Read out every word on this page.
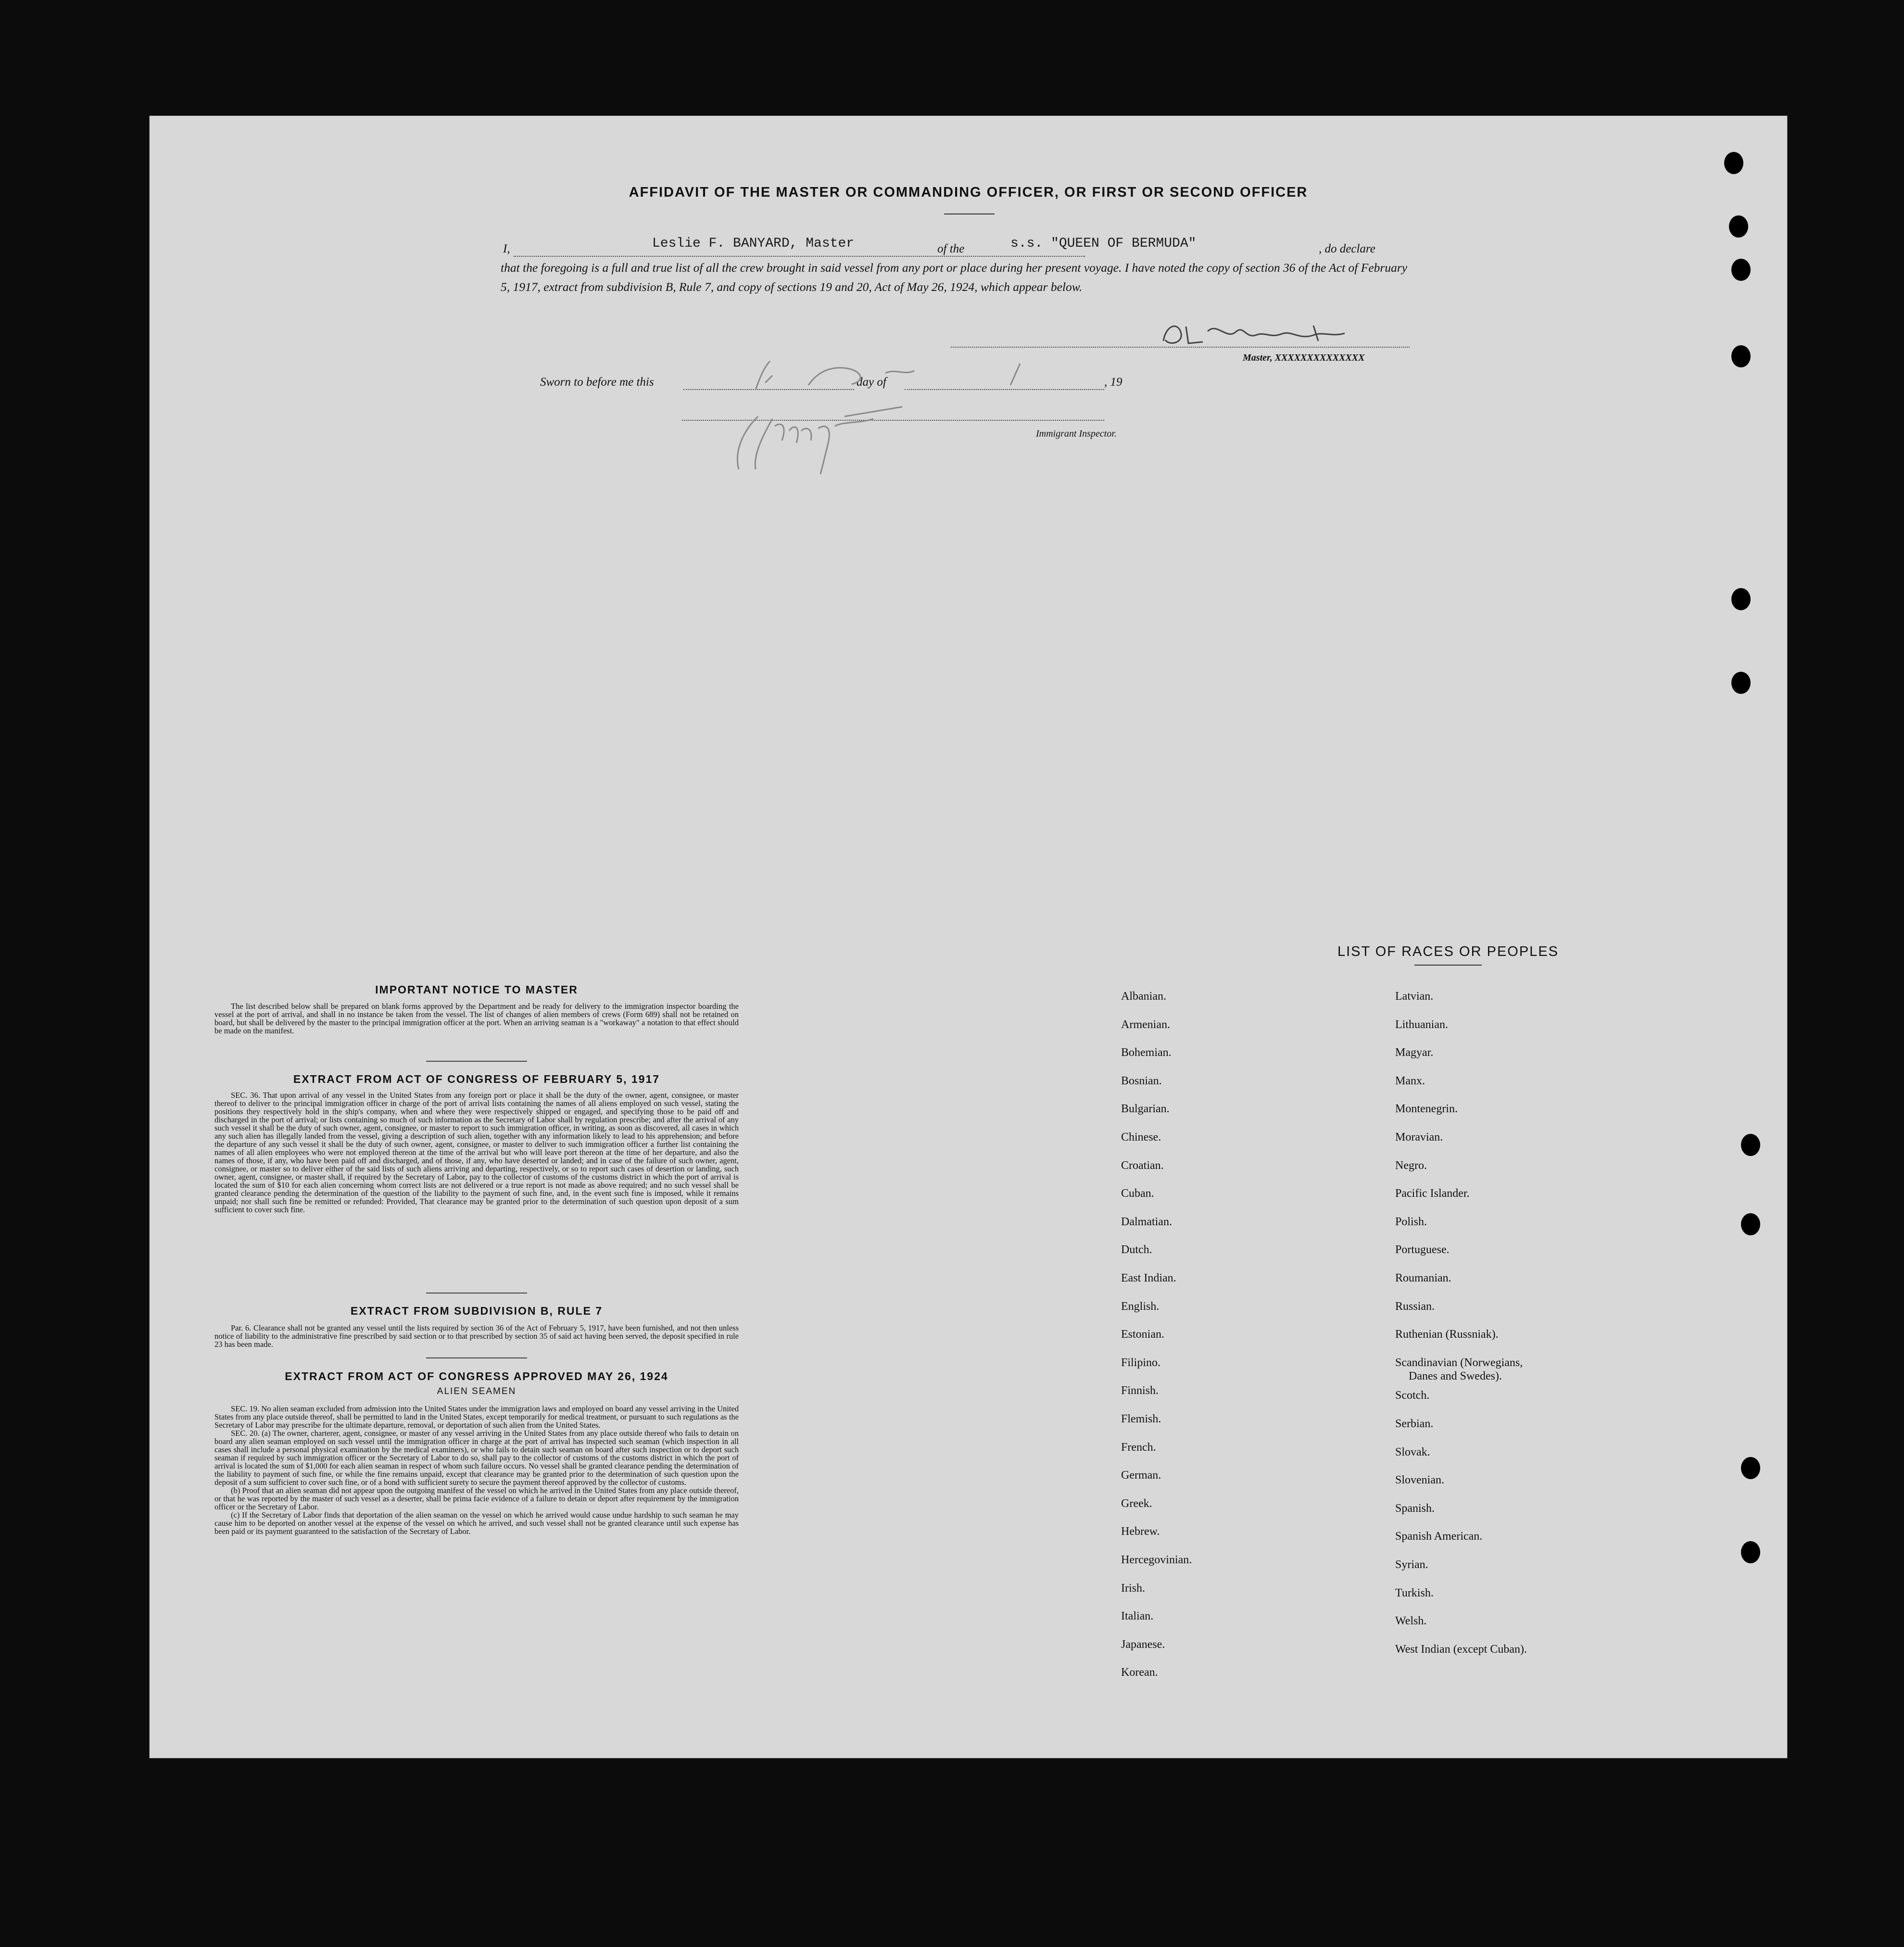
AFFIDAVIT OF THE MASTER OR COMMANDING OFFICER, OR FIRST OR SECOND OFFICER
I,	Leslie F. BANYARD, Master	of the	s.s. "QUEEN OF BERMUDA"	, do declare
that the foregoing is a full and true list of all the crew brought in said vessel from any port or place during her present voyage. I have noted the copy of section 36 of the Act of February 5, 1917, extract from subdivision B, Rule 7, and copy of sections 19 and 20, Act of May 26, 1924, which appear below.
Master, XXXXXXXXXXXXXX
Sworn to before me this	day of	, 19
Immigrant Inspector.
IMPORTANT NOTICE TO MASTER

The list described below shall be prepared on blank forms approved by the Department and be ready for delivery to the immigration inspector boarding the vessel at the port of arrival, and shall in no instance be taken from the vessel. The list of changes of alien members of crews (Form 689) shall not be retained on board, but shall be delivered by the master to the principal immigration officer at the port. When an arriving seaman is a "workaway" a notation to that effect should be made on the manifest.

EXTRACT FROM ACT OF CONGRESS OF FEBRUARY 5, 1917

SEC. 36. That upon arrival of any vessel in the United States from any foreign port or place it shall be the duty of the owner, agent, consignee, or master thereof to deliver to the principal immigration officer in charge of the port of arrival lists containing the names of all aliens employed on such vessel, stating the positions they respectively hold in the ship's company, when and where they were respectively shipped or engaged, and specifying those to be paid off and discharged in the port of arrival; or lists containing so much of such information as the Secretary of Labor shall by regulation prescribe; and after the arrival of any such vessel it shall be the duty of such owner, agent, consignee, or master to report to such immigration officer, in writing, as soon as discovered, all cases in which any such alien has illegally landed from the vessel, giving a description of such alien, together with any information likely to lead to his apprehension; and before the departure of any such vessel it shall be the duty of such owner, agent, consignee, or master to deliver to such immigration officer a further list containing the names of all alien employees who were not employed thereon at the time of the arrival but who will leave port thereon at the time of her departure, and also the names of those, if any, who have been paid off and discharged, and of those, if any, who have deserted or landed; and in case of the failure of such owner, agent, consignee, or master so to deliver either of the said lists of such aliens arriving and departing, respectively, or so to report such cases of desertion or landing, such owner, agent, consignee, or master shall, if required by the Secretary of Labor, pay to the collector of customs of the customs district in which the port of arrival is located the sum of $10 for each alien concerning whom correct lists are not delivered or a true report is not made as above required; and no such vessel shall be granted clearance pending the determination of the question of the liability to the payment of such fine, and, in the event such fine is imposed, while it remains unpaid; nor shall such fine be remitted or refunded: Provided, That clearance may be granted prior to the determination of such question upon deposit of a sum sufficient to cover such fine.

EXTRACT FROM SUBDIVISION B, RULE 7

Par. 6. Clearance shall not be granted any vessel until the lists required by section 36 of the Act of February 5, 1917, have been furnished, and not then unless notice of liability to the administrative fine prescribed by said section or to that prescribed by section 35 of said act having been served, the deposit specified in rule 23 has been made.

EXTRACT FROM ACT OF CONGRESS APPROVED MAY 26, 1924
ALIEN SEAMEN

SEC. 19. No alien seaman excluded from admission into the United States under the immigration laws and employed on board any vessel arriving in the United States from any place outside thereof, shall be permitted to land in the United States, except temporarily for medical treatment, or pursuant to such regulations as the Secretary of Labor may prescribe for the ultimate departure, removal, or deportation of such alien from the United States.

SEC. 20. (a) The owner, charterer, agent, consignee, or master of any vessel arriving in the United States from any place outside thereof who fails to detain on board any alien seaman employed on such vessel until the immigration officer in charge at the port of arrival has inspected such seaman (which inspection in all cases shall include a personal physical examination by the medical examiners), or who fails to detain such seaman on board after such inspection or to deport such seaman if required by such immigration officer or the Secretary of Labor to do so, shall pay to the collector of customs of the customs district in which the port of arrival is located the sum of $1,000 for each alien seaman in respect of whom such failure occurs. No vessel shall be granted clearance pending the determination of the liability to payment of such fine, or while the fine remains unpaid, except that clearance may be granted prior to the determination of such question upon the deposit of a sum sufficient to cover such fine, or of a bond with sufficient surety to secure the payment thereof approved by the collector of customs.

(b) Proof that an alien seaman did not appear upon the outgoing manifest of the vessel on which he arrived in the United States from any place outside thereof, or that he was reported by the master of such vessel as a deserter, shall be prima facie evidence of a failure to detain or deport after requirement by the immigration officer or the Secretary of Labor.

(c) If the Secretary of Labor finds that deportation of the alien seaman on the vessel on which he arrived would cause undue hardship to such seaman he may cause him to be deported on another vessel at the expense of the vessel on which he arrived, and such vessel shall not be granted clearance until such expense has been paid or its payment guaranteed to the satisfaction of the Secretary of Labor.

LIST OF RACES OR PEOPLES
Albanian.
Armenian.
Bohemian.
Bosnian.
Bulgarian.
Chinese.
Croatian.
Cuban.
Dalmatian.
Dutch.
East Indian.
English.
Estonian.
Filipino.
Finnish.
Flemish.
French.
German.
Greek.
Hebrew.
Hercegovinian.
Irish.
Italian.
Japanese.
Korean.
Latvian.
Lithuanian.
Magyar.
Manx.
Montenegrin.
Moravian.
Negro.
Pacific Islander.
Polish.
Portuguese.
Roumanian.
Russian.
Ruthenian (Russniak).
Scandinavian (Norwegians,
Danes and Swedes).
Scotch.
Serbian.
Slovak.
Slovenian.
Spanish.
Spanish American.
Syrian.
Turkish.
Welsh.
West Indian (except Cuban).
